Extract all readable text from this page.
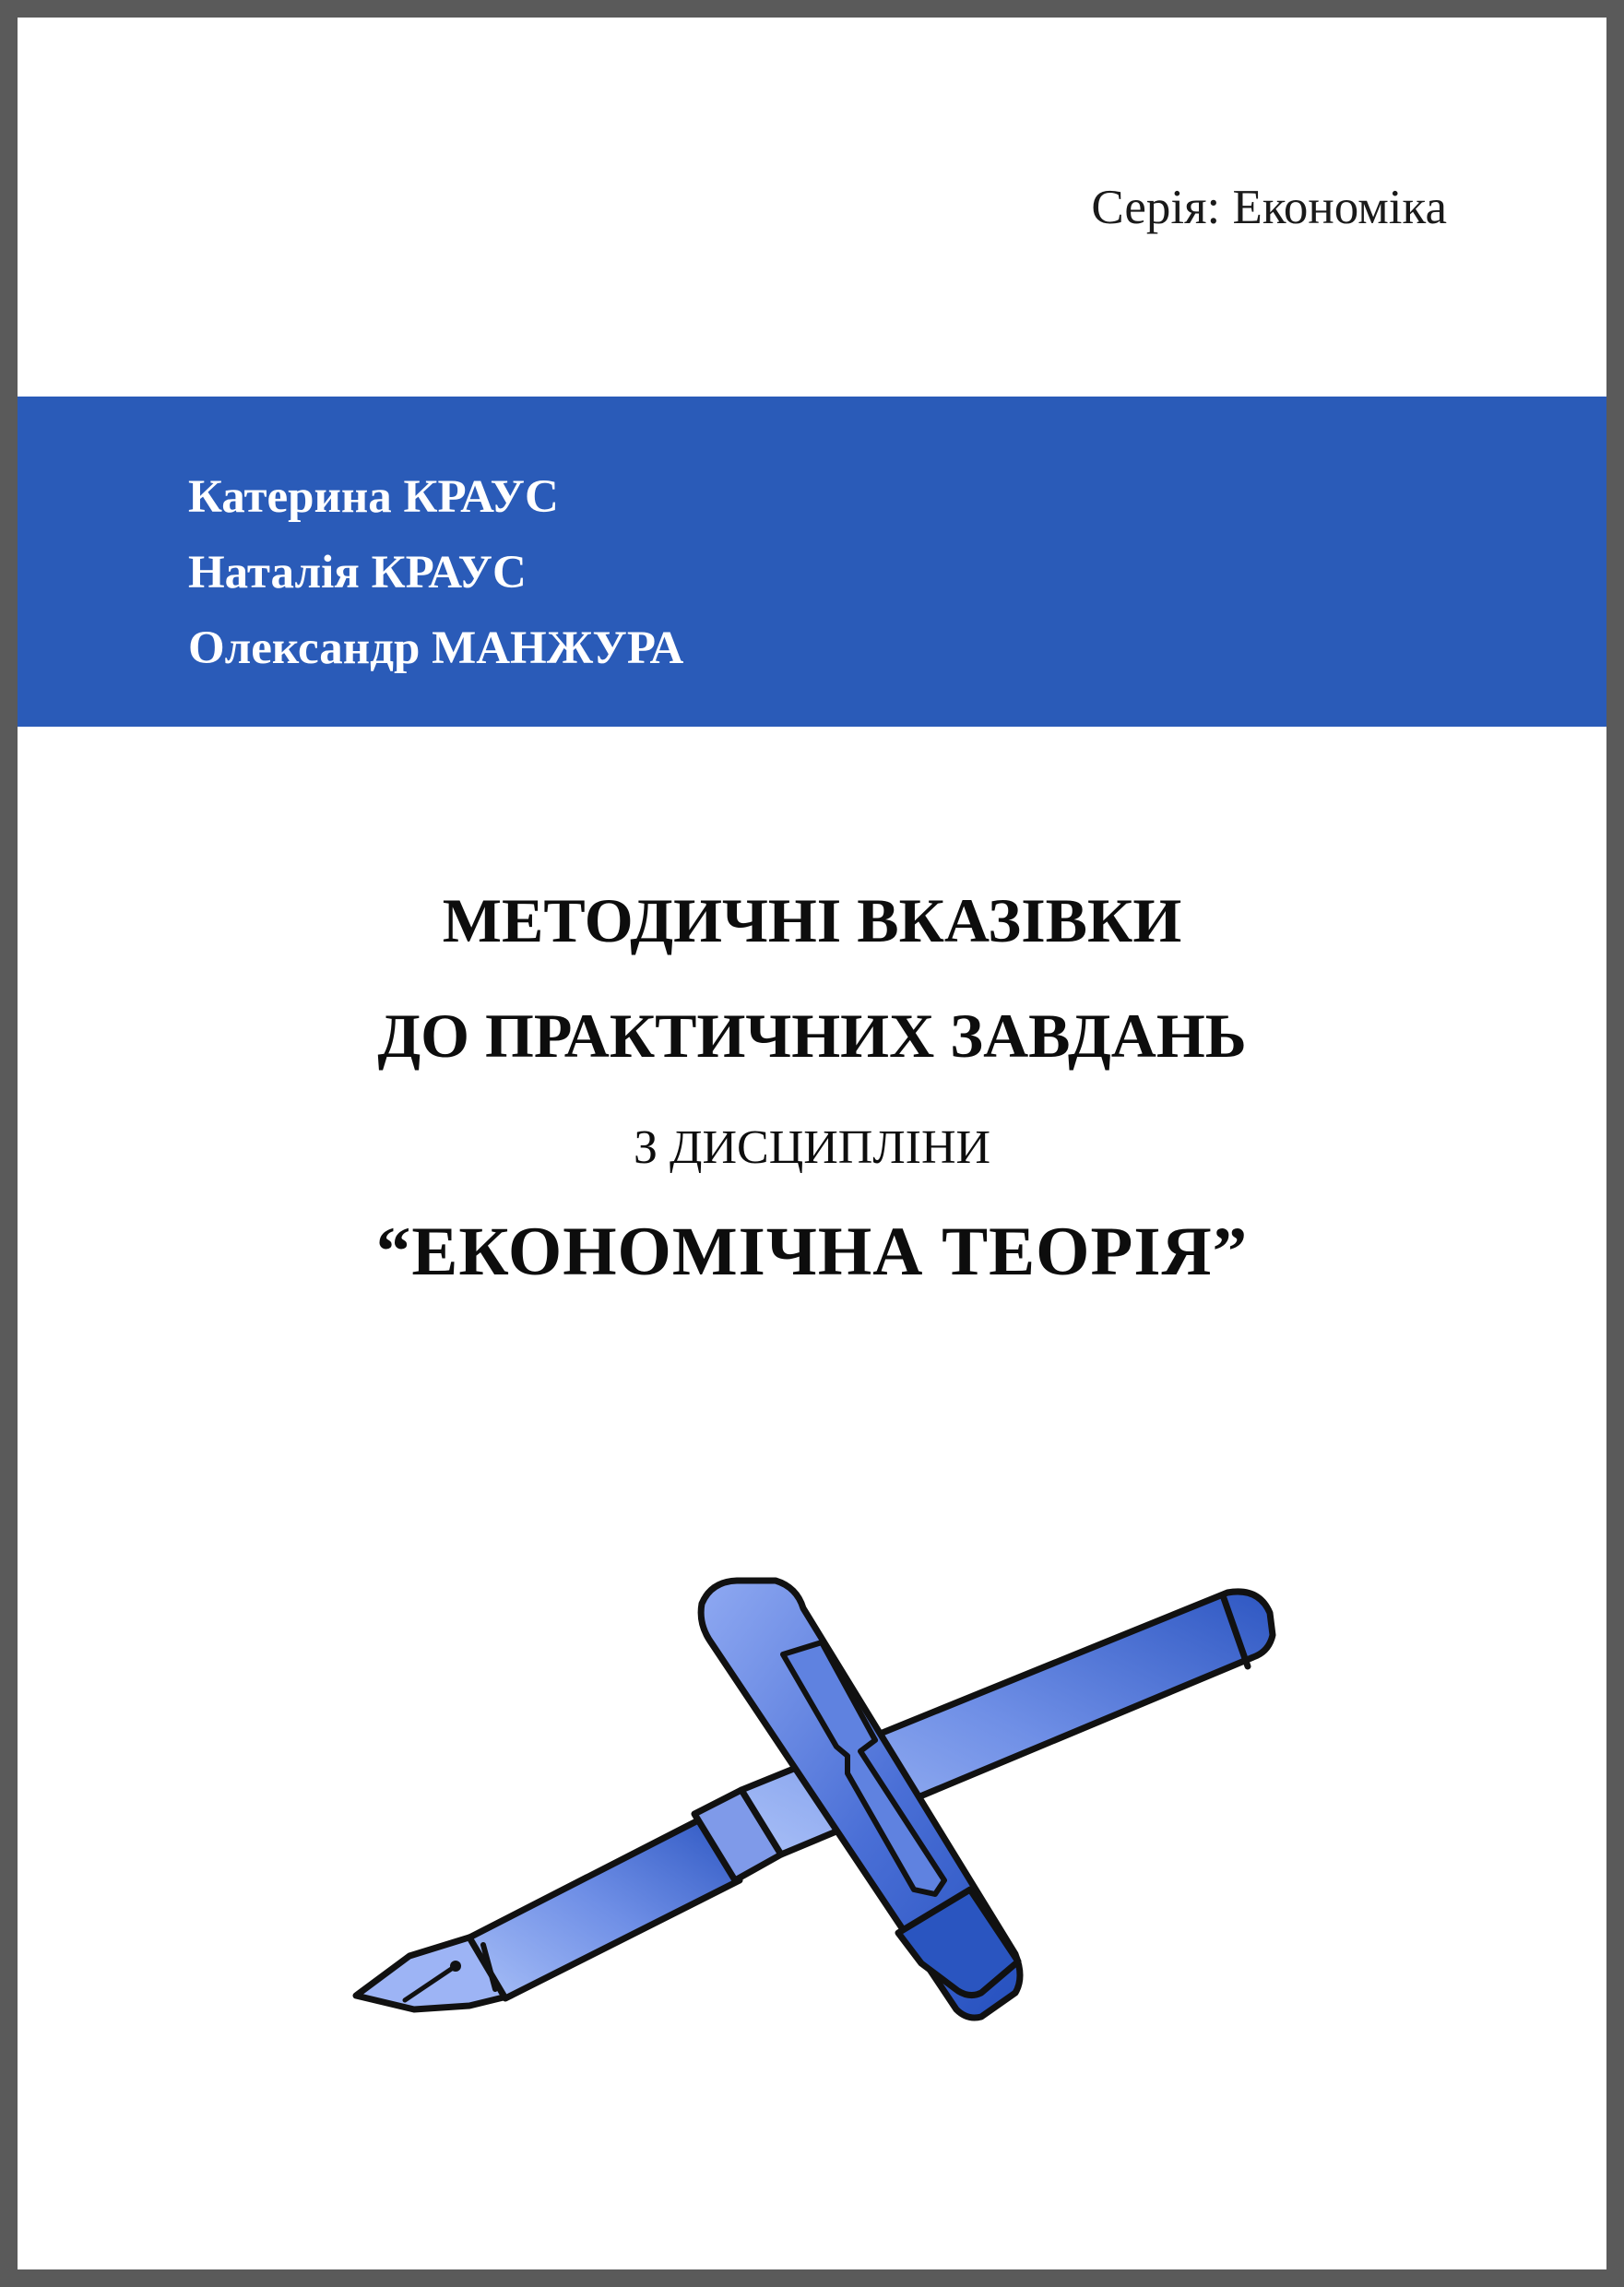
Серія: Економіка
Катерина КРАУС
Наталія КРАУС
Олександр МАНЖУРА
МЕТОДИЧНІ ВКАЗІВКИ
ДО ПРАКТИЧНИХ ЗАВДАНЬ
З ДИСЦИПЛІНИ
“ЕКОНОМІЧНА ТЕОРІЯ”
